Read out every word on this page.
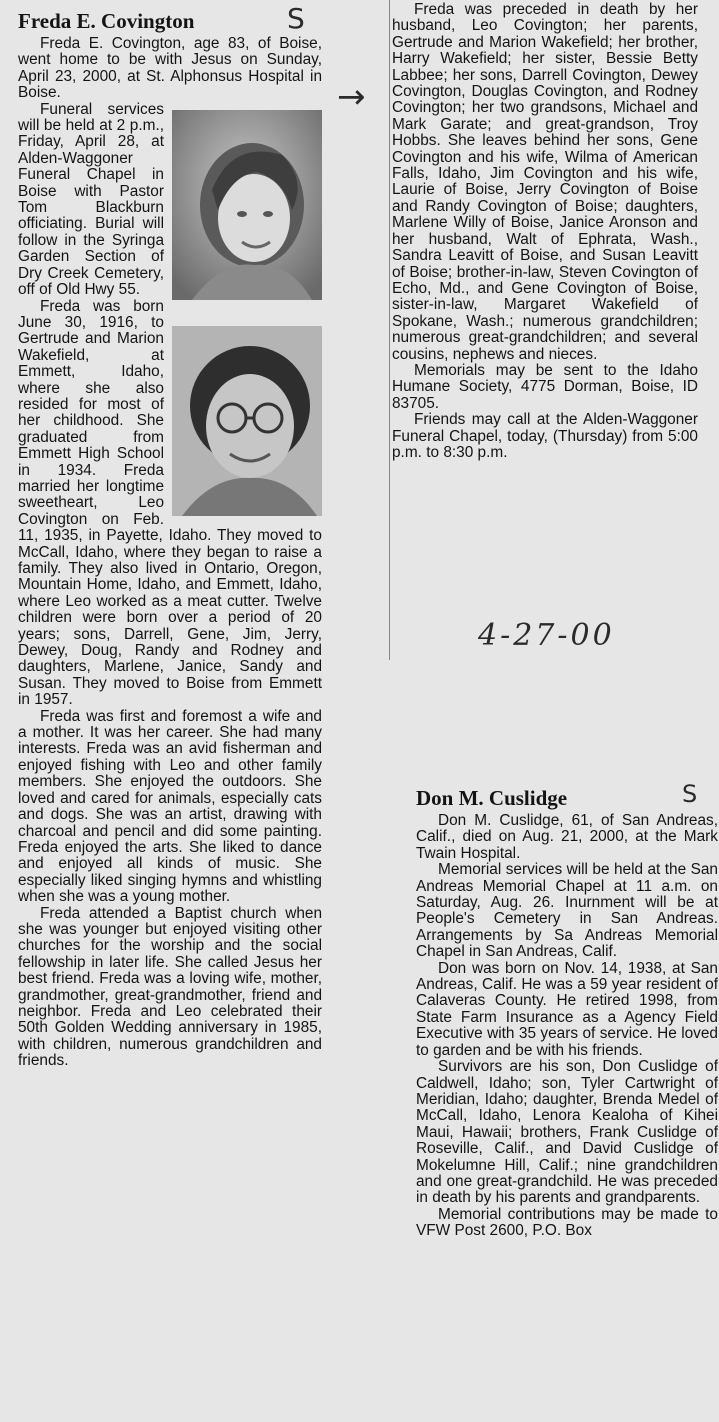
Freda E. Covington

Freda E. Covington, age 83, of Boise, went home to be with Jesus on Sunday, April 23, 2000, at St. Alphonsus Hospital in Boise.

Funeral services will be held at 2 p.m., Friday, April 28, at Alden-Waggoner Funeral Chapel in Boise with Pastor Tom Blackburn officiating. Burial will follow in the Syringa Garden Section of Dry Creek Cemetery, off of Old Hwy 55.

Freda was born June 30, 1916, to Gertrude and Marion Wakefield, at Emmett, Idaho, where she also resided for most of her childhood. She graduated from Emmett High School in 1934. Freda married her longtime sweetheart, Leo Covington on Feb. 11, 1935, in Payette, Idaho. They moved to McCall, Idaho, where they began to raise a family. They also lived in Ontario, Oregon, Mountain Home, Idaho, and Emmett, Idaho, where Leo worked as a meat cutter. Twelve children were born over a period of 20 years; sons, Darrell, Gene, Jim, Jerry, Dewey, Doug, Randy and Rodney and daughters, Marlene, Janice, Sandy and Susan. They moved to Boise from Emmett in 1957.

Freda was first and foremost a wife and a mother. It was her career. She had many interests. Freda was an avid fisherman and enjoyed fishing with Leo and other family members. She enjoyed the outdoors. She loved and cared for animals, especially cats and dogs. She was an artist, drawing with charcoal and pencil and did some painting. Freda enjoyed the arts. She liked to dance and enjoyed all kinds of music. She especially liked singing hymns and whistling when she was a young mother.

Freda attended a Baptist church when she was younger but enjoyed visiting other churches for the worship and the social fellowship in later life. She called Jesus her best friend. Freda was a loving wife, mother, grandmother, great-grandmother, friend and neighbor. Freda and Leo celebrated their 50th Golden Wedding anniversary in 1985, with children, numerous grandchildren and friends.

S
→

Freda was preceded in death by her husband, Leo Covington; her parents, Gertrude and Marion Wakefield; her brother, Harry Wakefield; her sister, Bessie Betty Labbee; her sons, Darrell Covington, Dewey Covington, Douglas Covington, and Rodney Covington; her two grandsons, Michael and Mark Garate; and great-grandson, Troy Hobbs. She leaves behind her sons, Gene Covington and his wife, Wilma of American Falls, Idaho, Jim Covington and his wife, Laurie of Boise, Jerry Covington of Boise and Randy Covington of Boise; daughters, Marlene Willy of Boise, Janice Aronson and her husband, Walt of Ephrata, Wash., Sandra Leavitt of Boise, and Susan Leavitt of Boise; brother-in-law, Steven Covington of Echo, Md., and Gene Covington of Boise, sister-in-law, Margaret Wakefield of Spokane, Wash.; numerous grandchildren; numerous great-grandchildren; and several cousins, nephews and nieces.

Memorials may be sent to the Idaho Humane Society, 4775 Dorman, Boise, ID 83705.

Friends may call at the Alden-Waggoner Funeral Chapel, today, (Thursday) from 5:00 p.m. to 8:30 p.m.

4-27-00
Don M. Cuslidge

Don M. Cuslidge, 61, of San Andreas, Calif., died on Aug. 21, 2000, at the Mark Twain Hospital.

Memorial services will be held at the San Andreas Memorial Chapel at 11 a.m. on Saturday, Aug. 26. Inurnment will be at People's Cemetery in San Andreas. Arrangements by Sa Andreas Memorial Chapel in San Andreas, Calif.

Don was born on Nov. 14, 1938, at San Andreas, Calif. He was a 59 year resident of Calaveras County. He retired 1998, from State Farm Insurance as a Agency Field Executive with 35 years of service. He loved to garden and be with his friends.

Survivors are his son, Don Cuslidge of Caldwell, Idaho; son, Tyler Cartwright of Meridian, Idaho; daughter, Brenda Medel of McCall, Idaho, Lenora Kealoha of Kihei Maui, Hawaii; brothers, Frank Cuslidge of Roseville, Calif., and David Cuslidge of Mokelumne Hill, Calif.; nine grandchildren and one great-grandchild. He was preceded in death by his parents and grandparents.

Memorial contributions may be made to VFW Post 2600, P.O. Box

S
